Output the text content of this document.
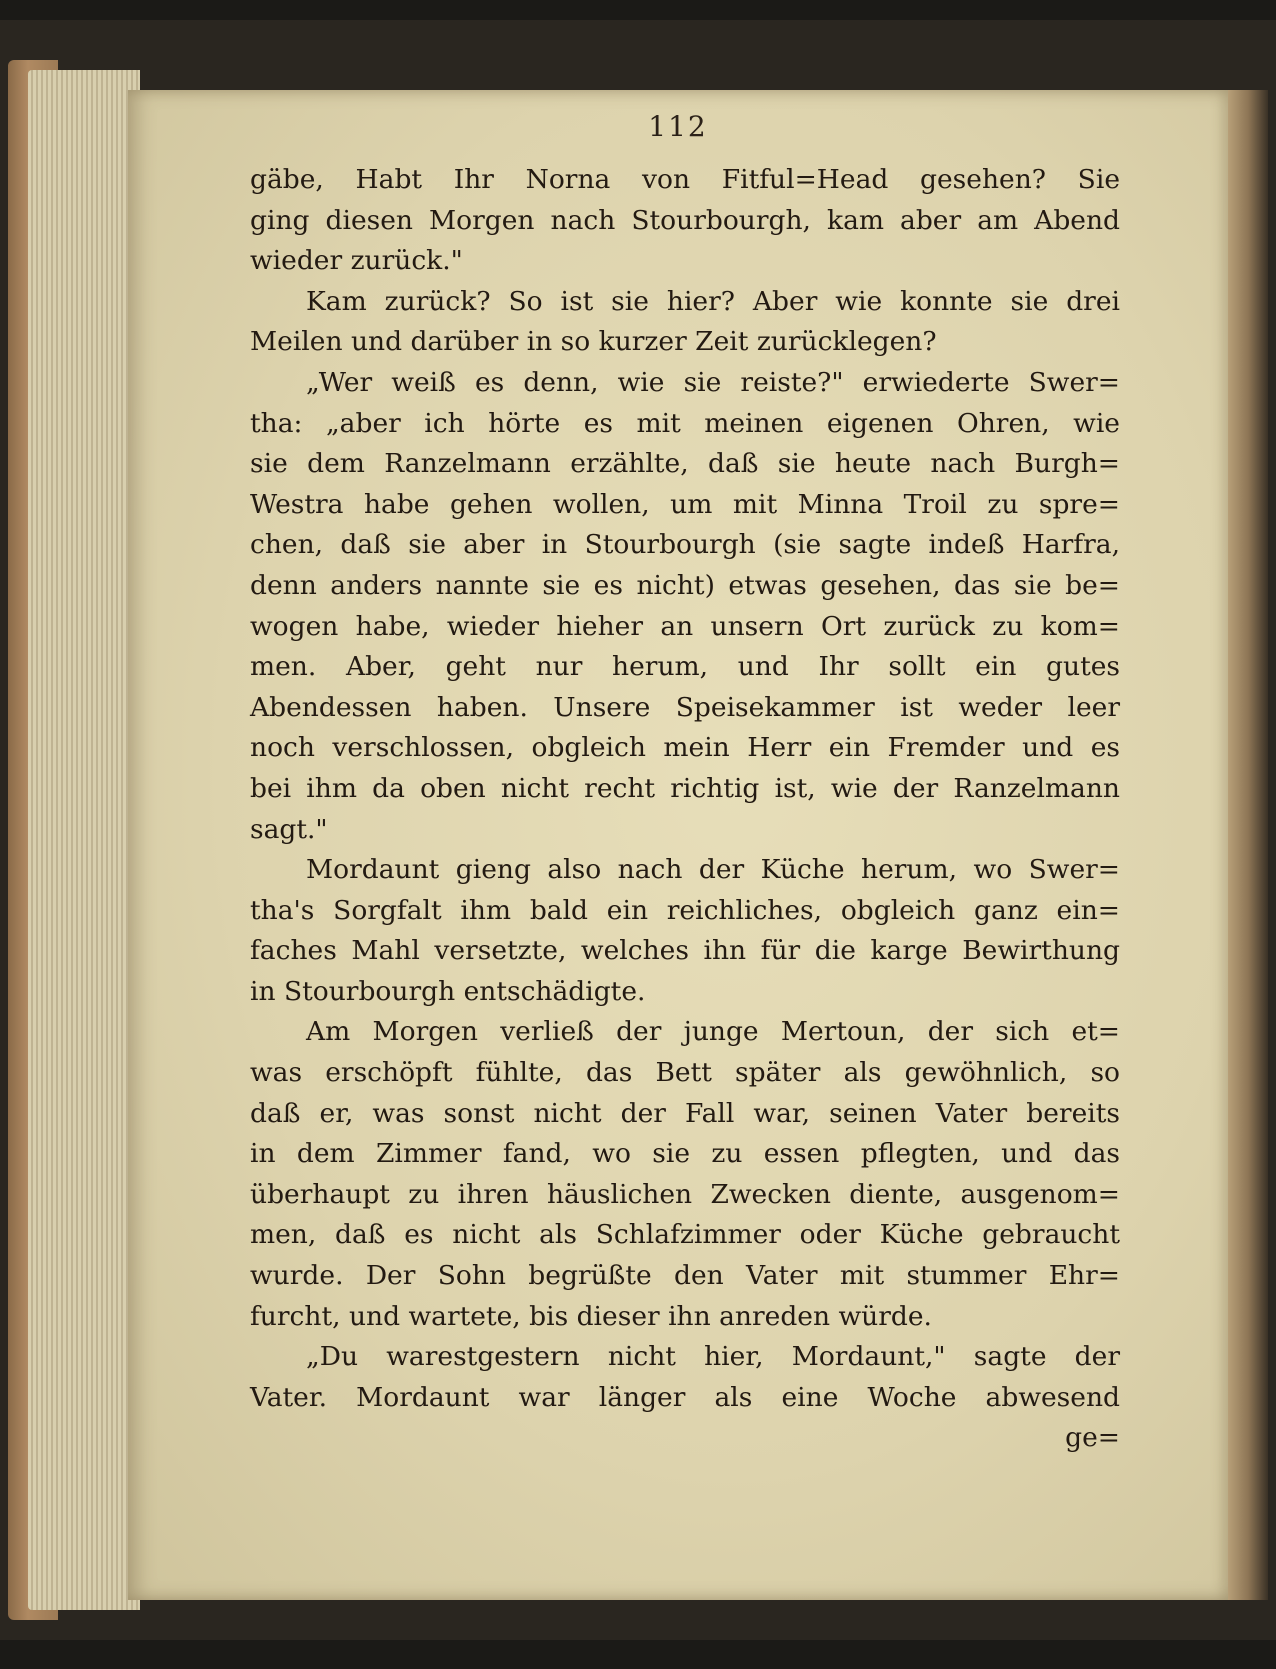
112
gäbe, Habt Ihr Norna von Fitful=Head gesehen? Sie
ging diesen Morgen nach Stourbourgh, kam aber am Abend
wieder zurück."
Kam zurück? So ist sie hier? Aber wie konnte sie drei
Meilen und darüber in so kurzer Zeit zurücklegen?
„Wer weiß es denn, wie sie reiste?" erwiederte Swer=
tha: „aber ich hörte es mit meinen eigenen Ohren, wie
sie dem Ranzelmann erzählte, daß sie heute nach Burgh=
Westra habe gehen wollen, um mit Minna Troil zu spre=
chen, daß sie aber in Stourbourgh (sie sagte indeß Harfra,
denn anders nannte sie es nicht) etwas gesehen, das sie be=
wogen habe, wieder hieher an unsern Ort zurück zu kom=
men. Aber, geht nur herum, und Ihr sollt ein gutes
Abendessen haben. Unsere Speisekammer ist weder leer
noch verschlossen, obgleich mein Herr ein Fremder und es
bei ihm da oben nicht recht richtig ist, wie der Ranzelmann
sagt."
Mordaunt gieng also nach der Küche herum, wo Swer=
tha's Sorgfalt ihm bald ein reichliches, obgleich ganz ein=
faches Mahl versetzte, welches ihn für die karge Bewirthung
in Stourbourgh entschädigte.
Am Morgen verließ der junge Mertoun, der sich et=
was erschöpft fühlte, das Bett später als gewöhnlich, so
daß er, was sonst nicht der Fall war, seinen Vater bereits
in dem Zimmer fand, wo sie zu essen pflegten, und das
überhaupt zu ihren häuslichen Zwecken diente, ausgenom=
men, daß es nicht als Schlafzimmer oder Küche gebraucht
wurde. Der Sohn begrüßte den Vater mit stummer Ehr=
furcht, und wartete, bis dieser ihn anreden würde.
„Du warestgestern nicht hier, Mordaunt," sagte der
Vater. Mordaunt war länger als eine Woche abwesend
ge=
